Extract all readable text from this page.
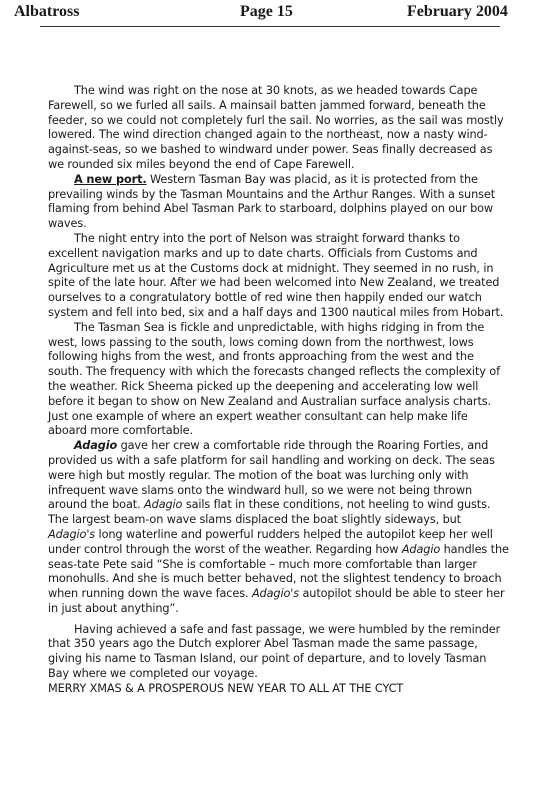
Albatross	Page 15	February 2004

The wind was right on the nose at 30 knots, as we headed towards Cape Farewell, so we furled all sails. A mainsail batten jammed forward, beneath the feeder, so we could not completely furl the sail. No worries, as the sail was mostly lowered. The wind direction changed again to the northeast, now a nasty wind-against-seas, so we bashed to windward under power. Seas finally decreased as we rounded six miles beyond the end of Cape Farewell.

A new port. Western Tasman Bay was placid, as it is protected from the prevailing winds by the Tasman Mountains and the Arthur Ranges. With a sunset flaming from behind Abel Tasman Park to starboard, dolphins played on our bow waves.

The night entry into the port of Nelson was straight forward thanks to excellent navigation marks and up to date charts. Officials from Customs and Agriculture met us at the Customs dock at midnight. They seemed in no rush, in spite of the late hour. After we had been welcomed into New Zealand, we treated ourselves to a congratulatory bottle of red wine then happily ended our watch system and fell into bed, six and a half days and 1300 nautical miles from Hobart.

The Tasman Sea is fickle and unpredictable, with highs ridging in from the west, lows passing to the south, lows coming down from the northwest, lows following highs from the west, and fronts approaching from the west and the south. The frequency with which the forecasts changed reflects the complexity of the weather. Rick Sheema picked up the deepening and accelerating low well before it began to show on New Zealand and Australian surface analysis charts. Just one example of where an expert weather consultant can help make life aboard more comfortable.

Adagio gave her crew a comfortable ride through the Roaring Forties, and provided us with a safe platform for sail handling and working on deck. The seas were high but mostly regular. The motion of the boat was lurching only with infrequent wave slams onto the windward hull, so we were not being thrown around the boat. Adagio sails flat in these conditions, not heeling to wind gusts. The largest beam-on wave slams displaced the boat slightly sideways, but Adagio's long waterline and powerful rudders helped the autopilot keep her well under control through the worst of the weather. Regarding how Adagio handles the seas-tate Pete said “She is comfortable – much more comfortable than larger monohulls. And she is much better behaved, not the slightest tendency to broach when running down the wave faces. Adagio's autopilot should be able to steer her in just about anything”.

Having achieved a safe and fast passage, we were humbled by the reminder that 350 years ago the Dutch explorer Abel Tasman made the same passage, giving his name to Tasman Island, our point of departure, and to lovely Tasman Bay where we completed our voyage.

MERRY XMAS & A PROSPEROUS NEW YEAR TO ALL AT THE CYCT
